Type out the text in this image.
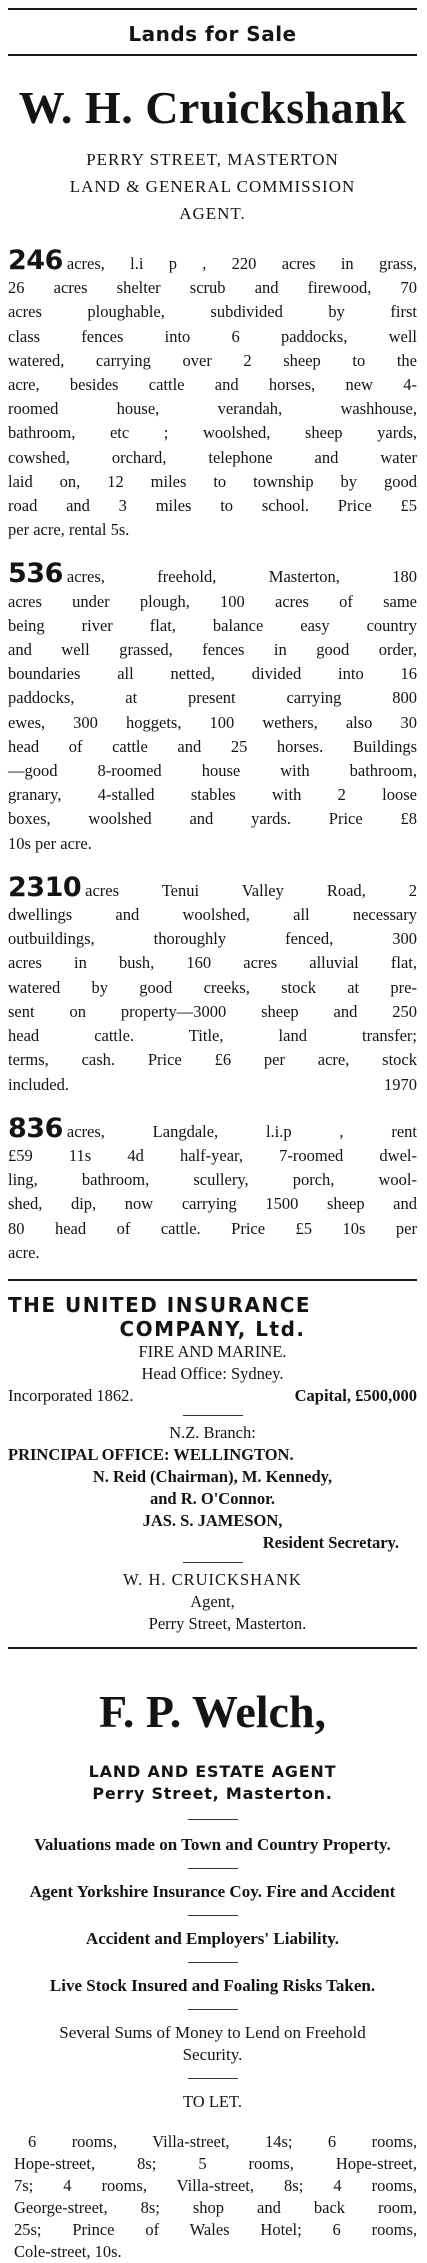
Lands for Sale
W. H. Cruickshank
PERRY STREET, MASTERTON
LAND & GENERAL COMMISSION
AGENT.
246 acres, l.i p , 220 acres in grass,
26 acres shelter scrub and firewood, 70
acres ploughable, subdivided by first
class fences into 6 paddocks, well
watered, carrying over 2 sheep to the
acre, besides cattle and horses, new 4-
roomed house, verandah, washhouse,
bathroom, etc ; woolshed, sheep yards,
cowshed, orchard, telephone and water
laid on, 12 miles to township by good
road and 3 miles to school. Price £5
per acre, rental 5s.
536 acres, freehold, Masterton, 180
acres under plough, 100 acres of same
being river flat, balance easy country
and well grassed, fences in good order,
boundaries all netted, divided into 16
paddocks, at present carrying 800
ewes, 300 hoggets, 100 wethers, also 30
head of cattle and 25 horses. Buildings
—good 8-roomed house with bathroom,
granary, 4-stalled stables with 2 loose
boxes, woolshed and yards. Price £8
10s per acre.
2310 acres Tenui Valley Road, 2
dwellings and woolshed, all necessary
outbuildings, thoroughly fenced, 300
acres in bush, 160 acres alluvial flat,
watered by good creeks, stock at pre-
sent on property—3000 sheep and 250
head cattle. Title, land transfer;
terms, cash. Price £6 per acre, stock
included. 1970
836 acres, Langdale, l.i.p , rent
£59 11s 4d half-year, 7-roomed dwel-
ling, bathroom, scullery, porch, wool-
shed, dip, now carrying 1500 sheep and
80 head of cattle. Price £5 10s per
acre.
THE UNITED INSURANCE
COMPANY, Ltd.
FIRE AND MARINE.
Head Office: Sydney.
Incorporated 1862.	Capital, £500,000
N.Z. Branch:
PRINCIPAL OFFICE: WELLINGTON.
N. Reid (Chairman), M. Kennedy,
and R. O'Connor.
JAS. S. JAMESON,
Resident Secretary.
W. H. CRUICKSHANK
Agent,
Perry Street, Masterton.
F. P. Welch,
LAND AND ESTATE AGENT
Perry Street, Masterton.
Valuations made on Town and Country Property.
Agent Yorkshire Insurance Coy. Fire and Accident
Accident and Employers' Liability.
Live Stock Insured and Foaling Risks Taken.
Several Sums of Money to Lend on Freehold Security.
TO LET.
6 rooms, Villa-street, 14s; 6 rooms,
Hope-street, 8s; 5 rooms, Hope-street,
7s; 4 rooms, Villa-street, 8s; 4 rooms,
George-street, 8s; shop and back room,
25s; Prince of Wales Hotel; 6 rooms,
Cole-street, 10s.
